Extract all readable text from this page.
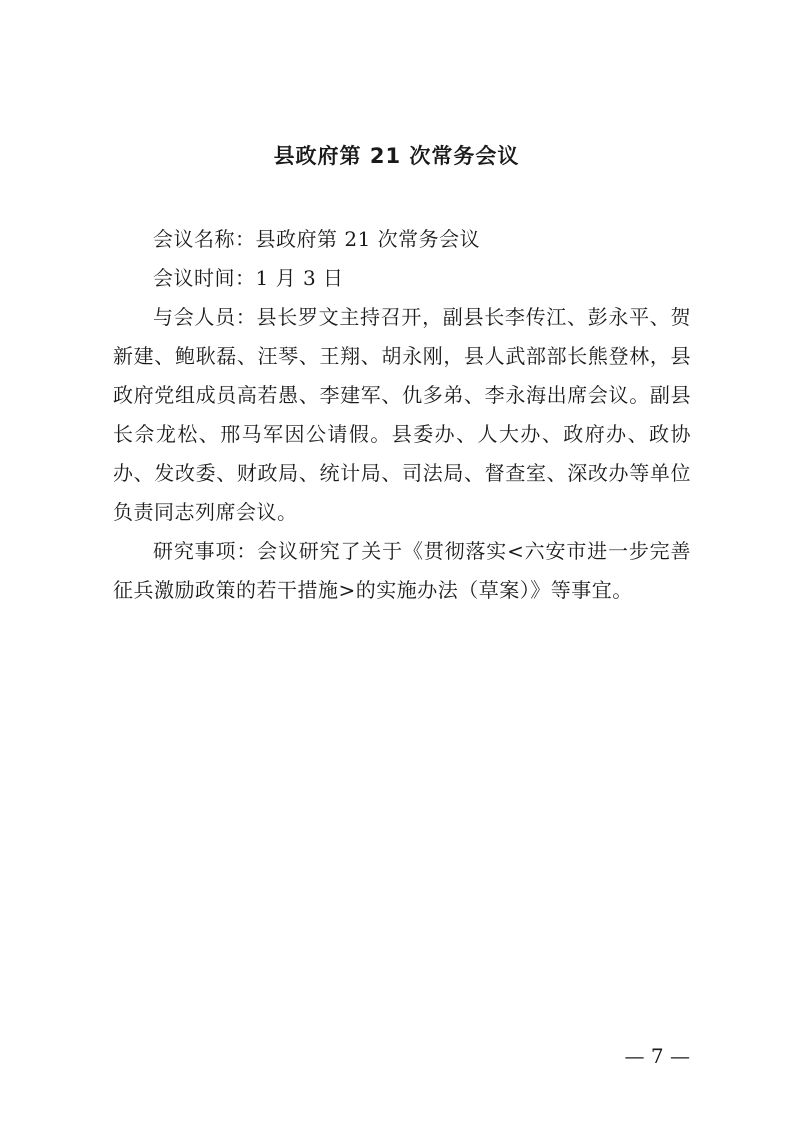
县政府第 21 次常务会议

会议名称：县政府第 21 次常务会议

会议时间：1 月 3 日

与会人员：县长罗文主持召开，副县长李传江、彭永平、贺新建、鲍耿磊、汪琴、王翔、胡永刚，县人武部部长熊登林，县政府党组成员高若愚、李建军、仇多弟、李永海出席会议。副县长佘龙松、邢马军因公请假。县委办、人大办、政府办、政协办、发改委、财政局、统计局、司法局、督查室、深改办等单位负责同志列席会议。

研究事项：会议研究了关于《贯彻落实<六安市进一步完善征兵激励政策的若干措施>的实施办法（草案）》等事宜。

— 7 —
